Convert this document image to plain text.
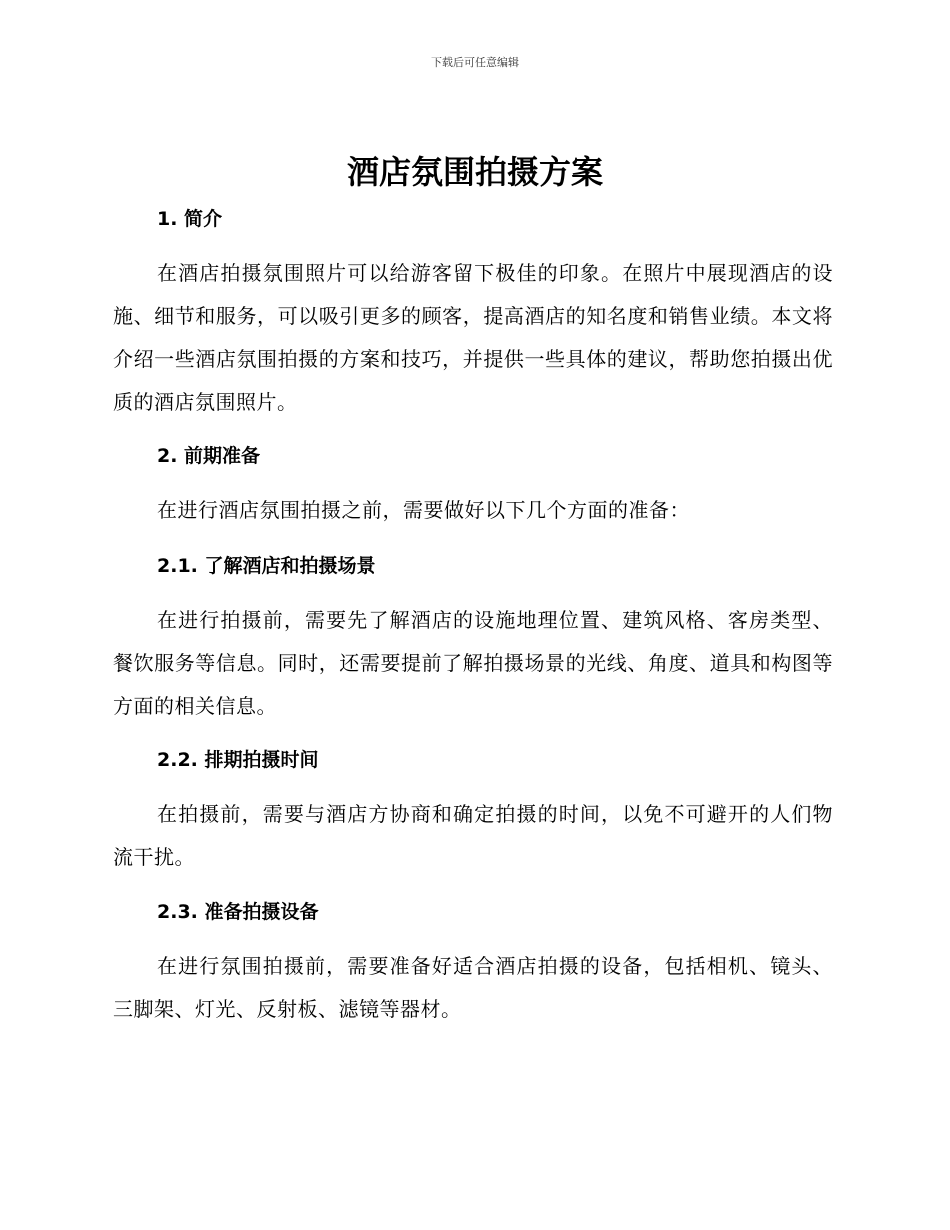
下载后可任意编辑
酒店氛围拍摄方案
1. 简介

在酒店拍摄氛围照片可以给游客留下极佳的印象。在照片中展现酒店的设施、细节和服务，可以吸引更多的顾客，提高酒店的知名度和销售业绩。本文将介绍一些酒店氛围拍摄的方案和技巧，并提供一些具体的建议，帮助您拍摄出优质的酒店氛围照片。

2. 前期准备

在进行酒店氛围拍摄之前，需要做好以下几个方面的准备：

2.1. 了解酒店和拍摄场景

在进行拍摄前，需要先了解酒店的设施地理位置、建筑风格、客房类型、餐饮服务等信息。同时，还需要提前了解拍摄场景的光线、角度、道具和构图等方面的相关信息。

2.2. 排期拍摄时间

在拍摄前，需要与酒店方协商和确定拍摄的时间，以免不可避开的人们物流干扰。

2.3. 准备拍摄设备

在进行氛围拍摄前，需要准备好适合酒店拍摄的设备，包括相机、镜头、三脚架、灯光、反射板、滤镜等器材。
